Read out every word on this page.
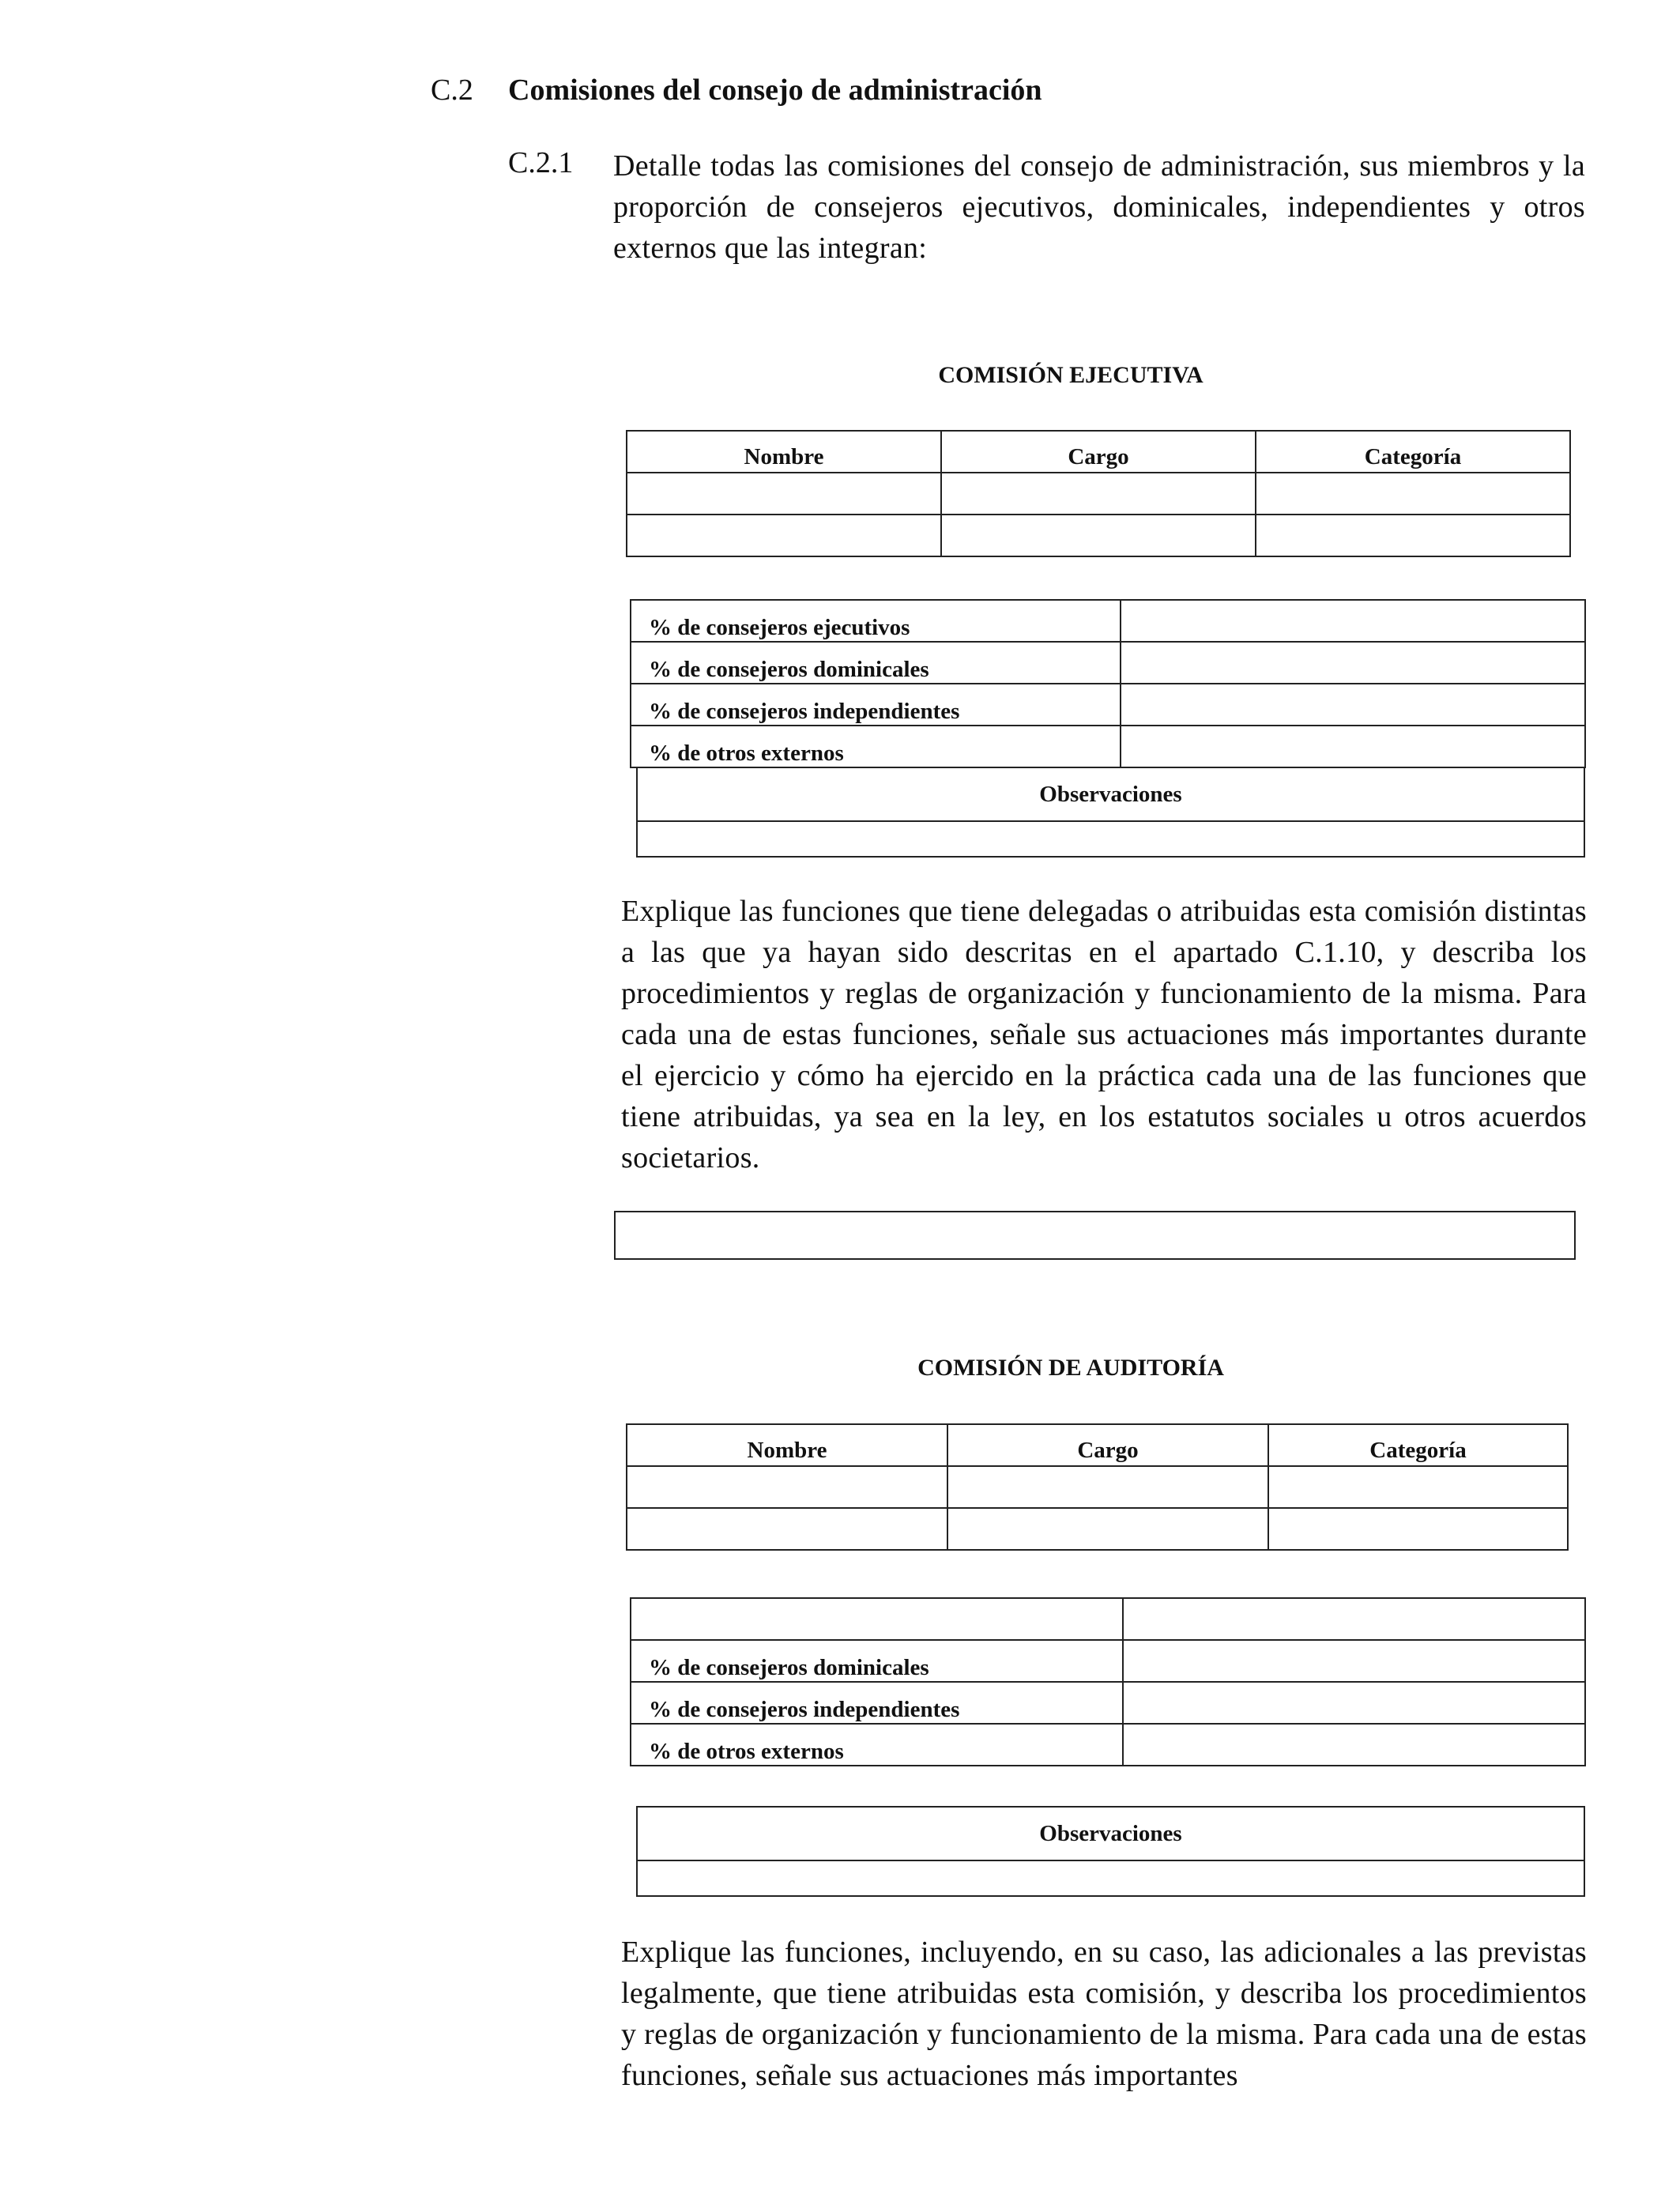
C.2 Comisiones del consejo de administración
C.2.1 Detalle todas las comisiones del consejo de administración, sus miembros y la proporción de consejeros ejecutivos, dominicales, independientes y otros externos que las integran:
COMISIÓN EJECUTIVA
Nombre	Cargo	Categoría

% de consejeros ejecutivos	
% de consejeros dominicales	
% de consejeros independientes	
% de otros externos	
Observaciones

Explique las funciones que tiene delegadas o atribuidas esta comisión distintas a las que ya hayan sido descritas en el apartado C.1.10, y describa los procedimientos y reglas de organización y funcionamiento de la misma. Para cada una de estas funciones, señale sus actuaciones más importantes durante el ejercicio y cómo ha ejercido en la práctica cada una de las funciones que tiene atribuidas, ya sea en la ley, en los estatutos sociales u otros acuerdos societarios.
COMISIÓN DE AUDITORÍA
Nombre	Cargo	Categoría

% de consejeros dominicales	
% de consejeros independientes	
% de otros externos	
Observaciones

Explique las funciones, incluyendo, en su caso, las adicionales a las previstas legalmente, que tiene atribuidas esta comisión, y describa los procedimientos y reglas de organización y funcionamiento de la misma. Para cada una de estas funciones, señale sus actuaciones más importantes
